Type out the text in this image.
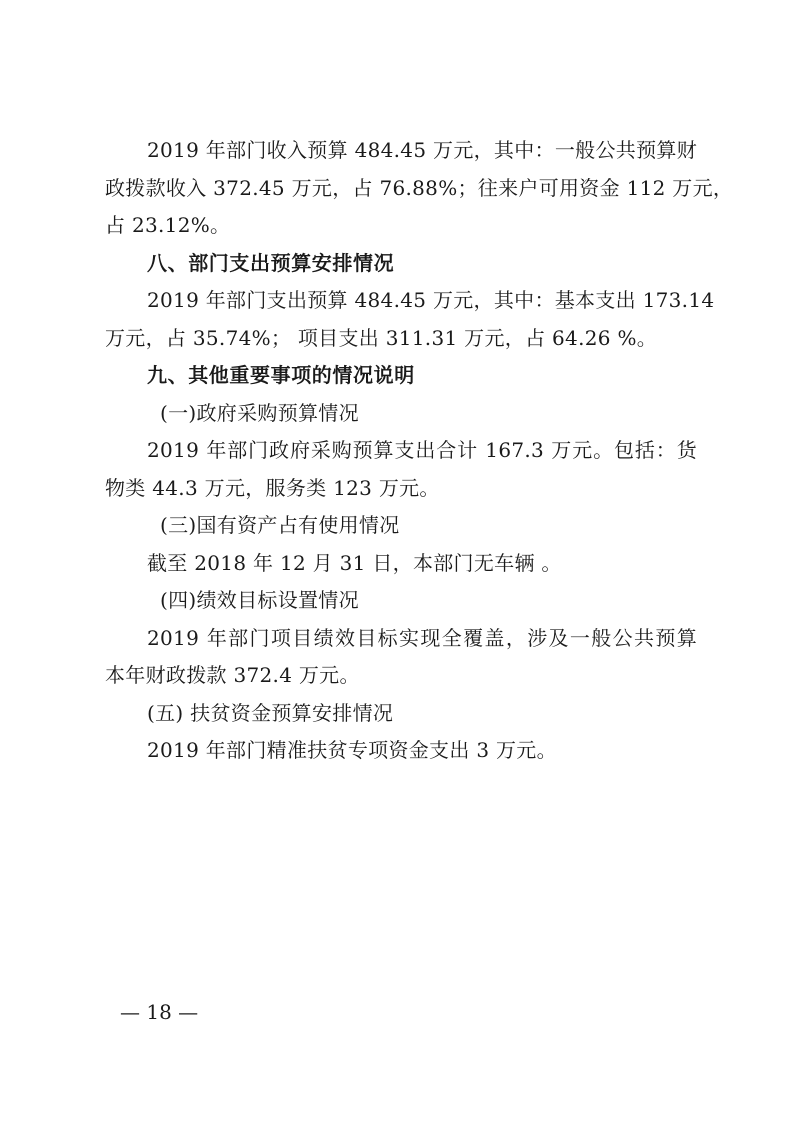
2019 年部门收入预算 484.45 万元，其中：一般公共预算财
政拨款收入 372.45 万元，占 76.88%；往来户可用资金 112 万元，
占 23.12%。
八、部门支出预算安排情况
2019 年部门支出预算 484.45 万元，其中：基本支出 173.14
万元，占 35.74%； 项目支出 311.31 万元，占 64.26 %。
九、其他重要事项的情况说明
(一)政府采购预算情况
2019 年部门政府采购预算支出合计 167.3 万元。包括：货
物类 44.3 万元，服务类 123 万元。
(三)国有资产占有使用情况
截至 2018 年 12 月 31 日，本部门无车辆 。
(四)绩效目标设置情况
2019 年部门项目绩效目标实现全覆盖，涉及一般公共预算
本年财政拨款 372.4 万元。
(五) 扶贫资金预算安排情况
2019 年部门精准扶贫专项资金支出 3 万元。
— 18 —
